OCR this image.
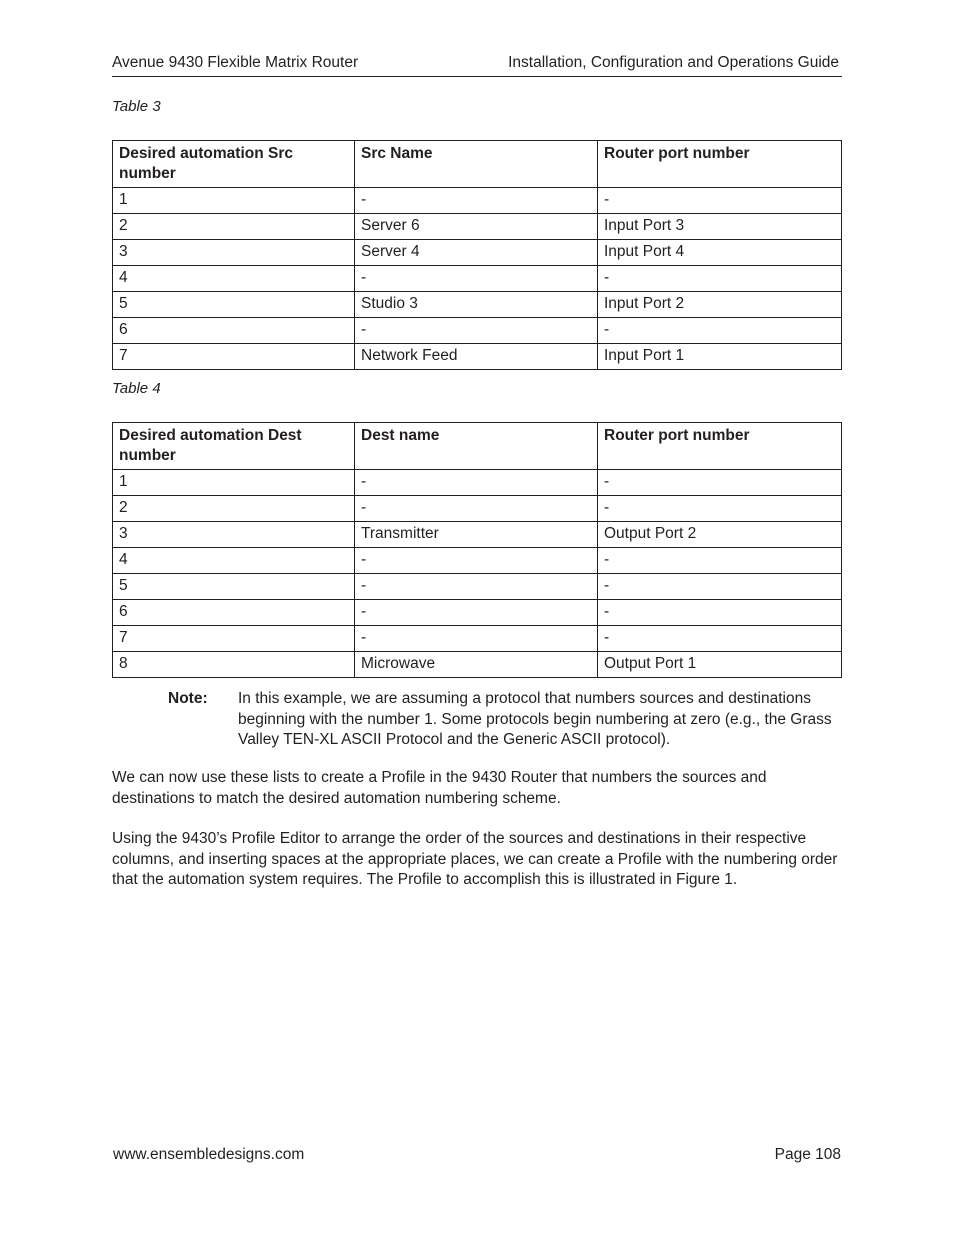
Avenue 9430 Flexible Matrix Router	Installation, Configuration and Operations Guide
Table 3
Desired automation Src number	Src Name	Router port number
1	-	-
2	Server 6	Input Port 3
3	Server 4	Input Port 4
4	-	-
5	Studio 3	Input Port 2
6	-	-
7	Network Feed	Input Port 1
Table 4
Desired automation Dest number	Dest name	Router port number
1	-	-
2	-	-
3	Transmitter	Output Port 2
4	-	-
5	-	-
6	-	-
7	-	-
8	Microwave	Output Port 1
Note: In this example, we are assuming a protocol that numbers sources and destinations beginning with the number 1. Some protocols begin numbering at zero (e.g., the Grass Valley TEN-XL ASCII Protocol and the Generic ASCII protocol).

We can now use these lists to create a Profile in the 9430 Router that numbers the sources and destinations to match the desired automation numbering scheme.

Using the 9430’s Profile Editor to arrange the order of the sources and destinations in their respective columns, and inserting spaces at the appropriate places, we can create a Profile with the numbering order that the automation system requires. The Profile to accomplish this is illustrated in Figure 1.

www.ensembledesigns.com	Page 108
